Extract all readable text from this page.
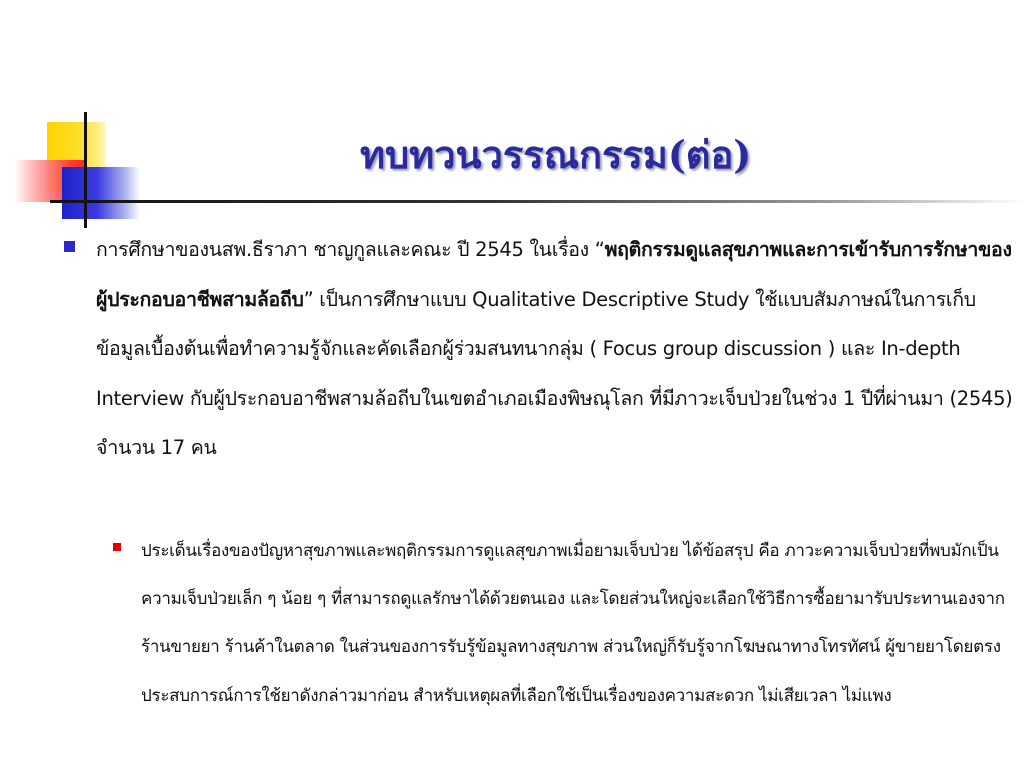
ทบทวนวรรณกรรม(ต่อ)
การศึกษาของนสพ.ธีราภา ชาญกูลและคณะ ปี 2545 ในเรื่อง “พฤติกรรมดูแลสุขภาพและการเข้ารับการรักษาของผู้ประกอบอาชีพสามล้อถีบ” เป็นการศึกษาแบบ Qualitative Descriptive Study ใช้แบบสัมภาษณ์ในการเก็บข้อมูลเบื้องต้นเพื่อทำความรู้จักและคัดเลือกผู้ร่วมสนทนากลุ่ม ( Focus group discussion ) และ In-depth Interview กับผู้ประกอบอาชีพสามล้อถีบในเขตอำเภอเมืองพิษณุโลก ที่มีภาวะเจ็บป่วยในช่วง 1 ปีที่ผ่านมา (2545) จำนวน 17 คน
ประเด็นเรื่องของปัญหาสุขภาพและพฤติกรรมการดูแลสุขภาพเมื่อยามเจ็บป่วย ได้ข้อสรุป คือ ภาวะความเจ็บป่วยที่พบมักเป็นความเจ็บป่วยเล็ก ๆ น้อย ๆ ที่สามารถดูแลรักษาได้ด้วยตนเอง และโดยส่วนใหญ่จะเลือกใช้วิธีการซื้อยามารับประทานเองจากร้านขายยา ร้านค้าในตลาด ในส่วนของการรับรู้ข้อมูลทางสุขภาพ ส่วนใหญ่ก็รับรู้จากโฆษณาทางโทรทัศน์ ผู้ขายยาโดยตรง ประสบการณ์การใช้ยาดังกล่าวมาก่อน สำหรับเหตุผลที่เลือกใช้เป็นเรื่องของความสะดวก ไม่เสียเวลา ไม่แพง
